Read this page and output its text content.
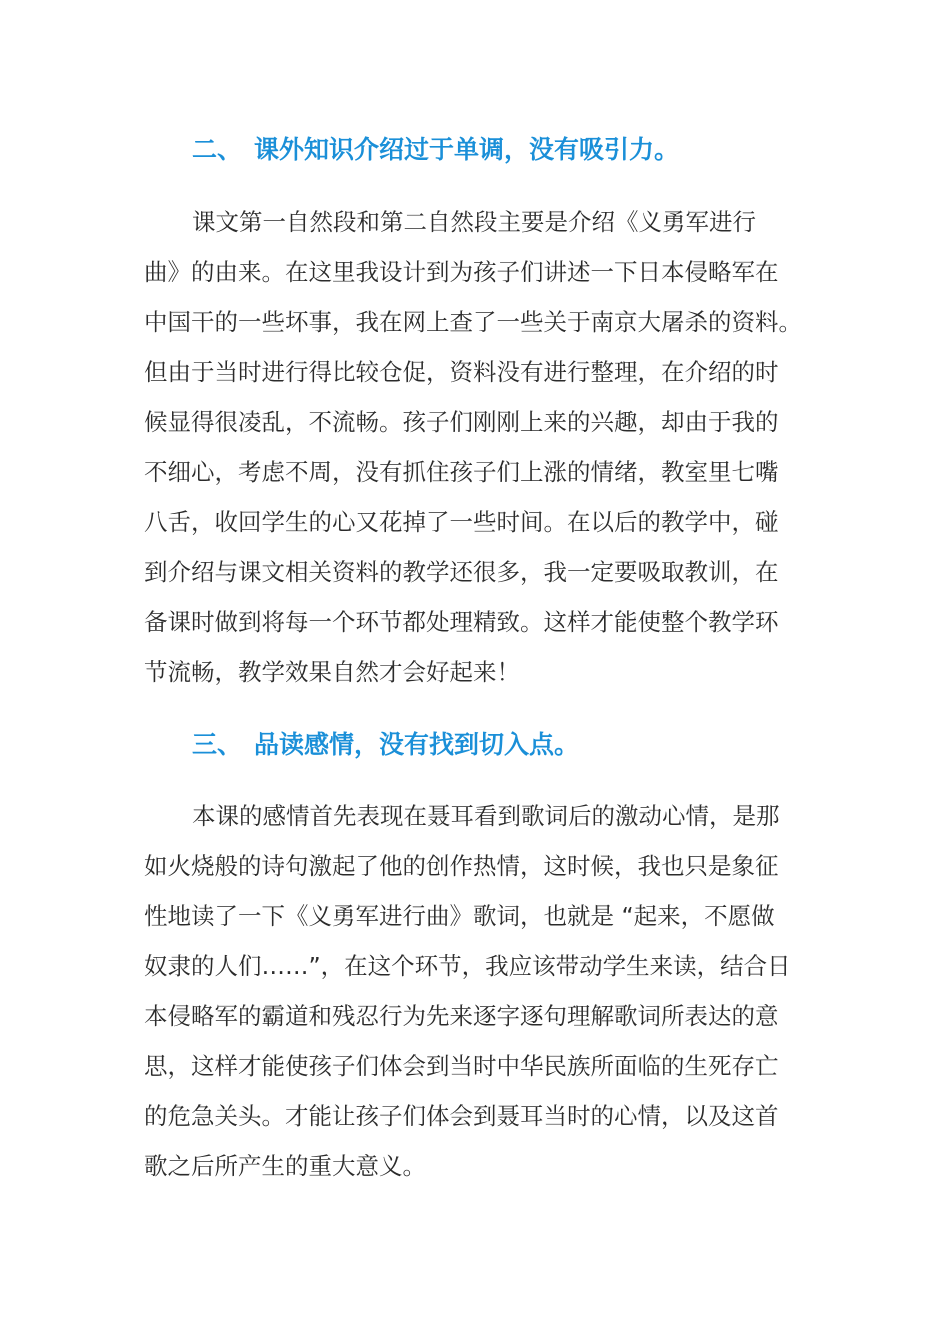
二、 课外知识介绍过于单调，没有吸引力。

课文第一自然段和第二自然段主要是介绍《义勇军进行

曲》的由来。在这里我设计到为孩子们讲述一下日本侵略军在

中国干的一些坏事，我在网上查了一些关于南京大屠杀的资料。

但由于当时进行得比较仓促，资料没有进行整理，在介绍的时

候显得很凌乱，不流畅。孩子们刚刚上来的兴趣，却由于我的

不细心，考虑不周，没有抓住孩子们上涨的情绪，教室里七嘴

八舌，收回学生的心又花掉了一些时间。在以后的教学中，碰

到介绍与课文相关资料的教学还很多，我一定要吸取教训，在

备课时做到将每一个环节都处理精致。这样才能使整个教学环

节流畅，教学效果自然才会好起来！

三、 品读感情，没有找到切入点。

本课的感情首先表现在聂耳看到歌词后的激动心情，是那

如火烧般的诗句激起了他的创作热情，这时候，我也只是象征

性地读了一下《义勇军进行曲》歌词，也就是 “起来，不愿做

奴隶的人们……”，在这个环节，我应该带动学生来读，结合日

本侵略军的霸道和残忍行为先来逐字逐句理解歌词所表达的意

思，这样才能使孩子们体会到当时中华民族所面临的生死存亡

的危急关头。才能让孩子们体会到聂耳当时的心情，以及这首

歌之后所产生的重大意义。
